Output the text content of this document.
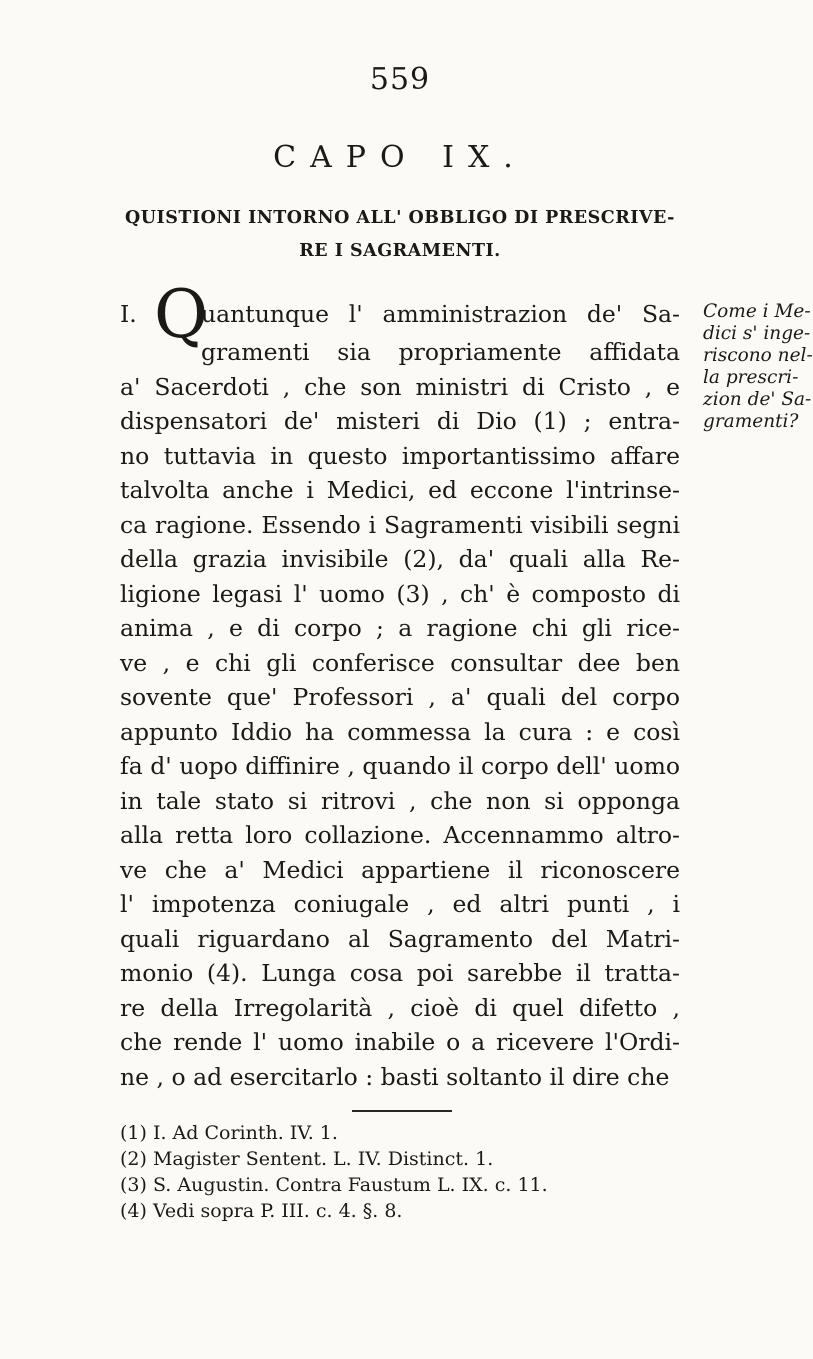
559
CAPO IX.
QUISTIONI INTORNO ALL' OBBLIGO DI PRESCRIVE-
RE I SAGRAMENTI.
I. Quantunque l' amministrazion de' Sa-
gramenti sia propriamente affidata
a' Sacerdoti , che son ministri di Cristo , e
dispensatori de' misteri di Dio (1) ; entra-
no tuttavia in questo importantissimo affare
talvolta anche i Medici, ed eccone l'intrinse-
ca ragione. Essendo i Sagramenti visibili segni
della grazia invisibile (2), da' quali alla Re-
ligione legasi l' uomo (3) , ch' è composto di
anima , e di corpo ; a ragione chi gli rice-
ve , e chi gli conferisce consultar dee ben
sovente que' Professori , a' quali del corpo
appunto Iddio ha commessa la cura : e così
fa d' uopo diffinire , quando il corpo dell' uomo
in tale stato si ritrovi , che non si opponga
alla retta loro collazione. Accennammo altro-
ve che a' Medici appartiene il riconoscere
l' impotenza coniugale , ed altri punti , i
quali riguardano al Sagramento del Matri-
monio (4). Lunga cosa poi sarebbe il tratta-
re della Irregolarità , cioè di quel difetto ,
che rende l' uomo inabile o a ricevere l'Ordi-
ne , o ad esercitarlo : basti soltanto il dire che
Come i Me-
dici s' inge-
riscono nel-
la prescri-
zion de' Sa-
gramenti?
(1) I. Ad Corinth. IV. 1.
(2) Magister Sentent. L. IV. Distinct. 1.
(3) S. Augustin. Contra Faustum L. IX. c. 11.
(4) Vedi sopra P. III. c. 4. §. 8.
